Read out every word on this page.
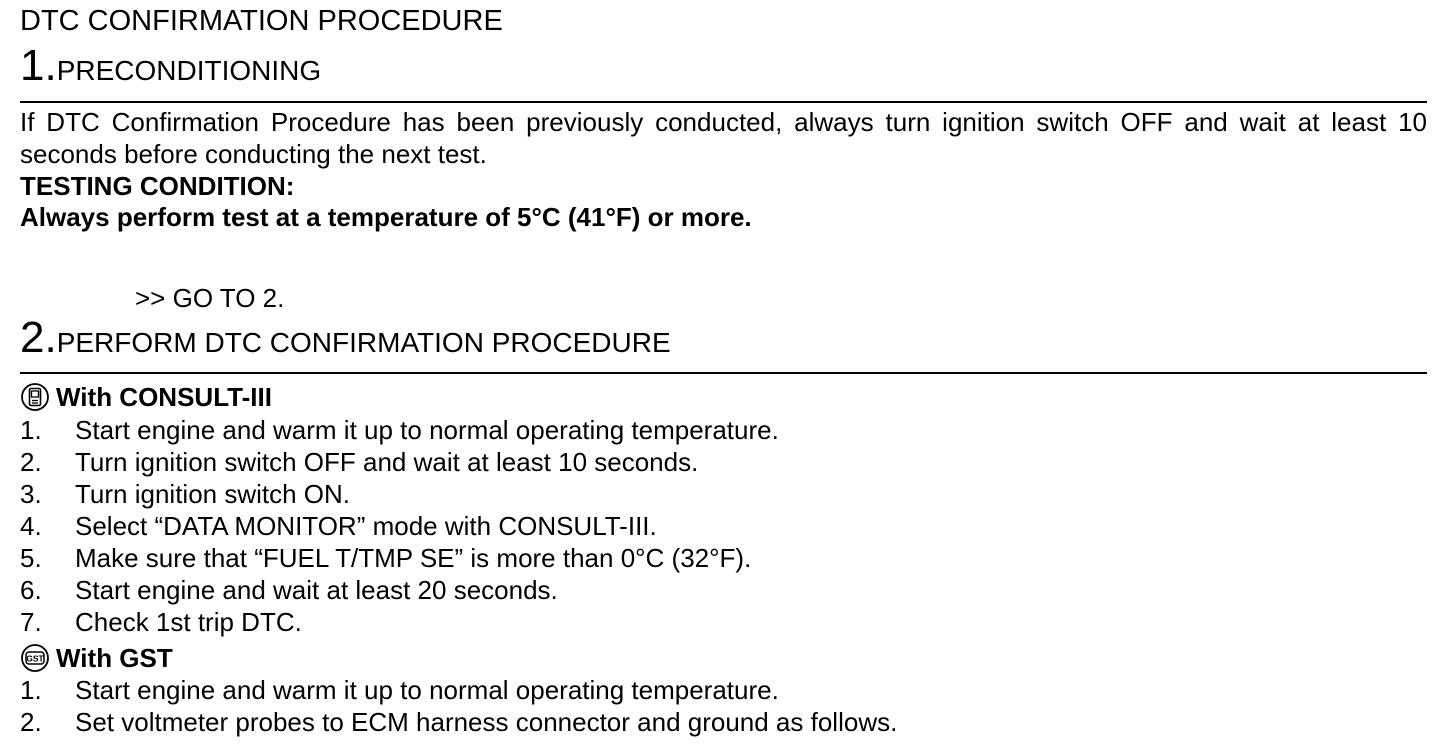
DTC CONFIRMATION PROCEDURE
1.PRECONDITIONING
If DTC Confirmation Procedure has been previously conducted, always turn ignition switch OFF and wait at least 10 seconds before conducting the next test.
TESTING CONDITION:
Always perform test at a temperature of 5°C (41°F) or more.
>> GO TO 2.
2.PERFORM DTC CONFIRMATION PROCEDURE
With CONSULT-III
1. Start engine and warm it up to normal operating temperature.
2. Turn ignition switch OFF and wait at least 10 seconds.
3. Turn ignition switch ON.
4. Select “DATA MONITOR” mode with CONSULT-III.
5. Make sure that “FUEL T/TMP SE” is more than 0°C (32°F).
6. Start engine and wait at least 20 seconds.
7. Check 1st trip DTC.
GST With GST
1. Start engine and warm it up to normal operating temperature.
2. Set voltmeter probes to ECM harness connector and ground as follows.
